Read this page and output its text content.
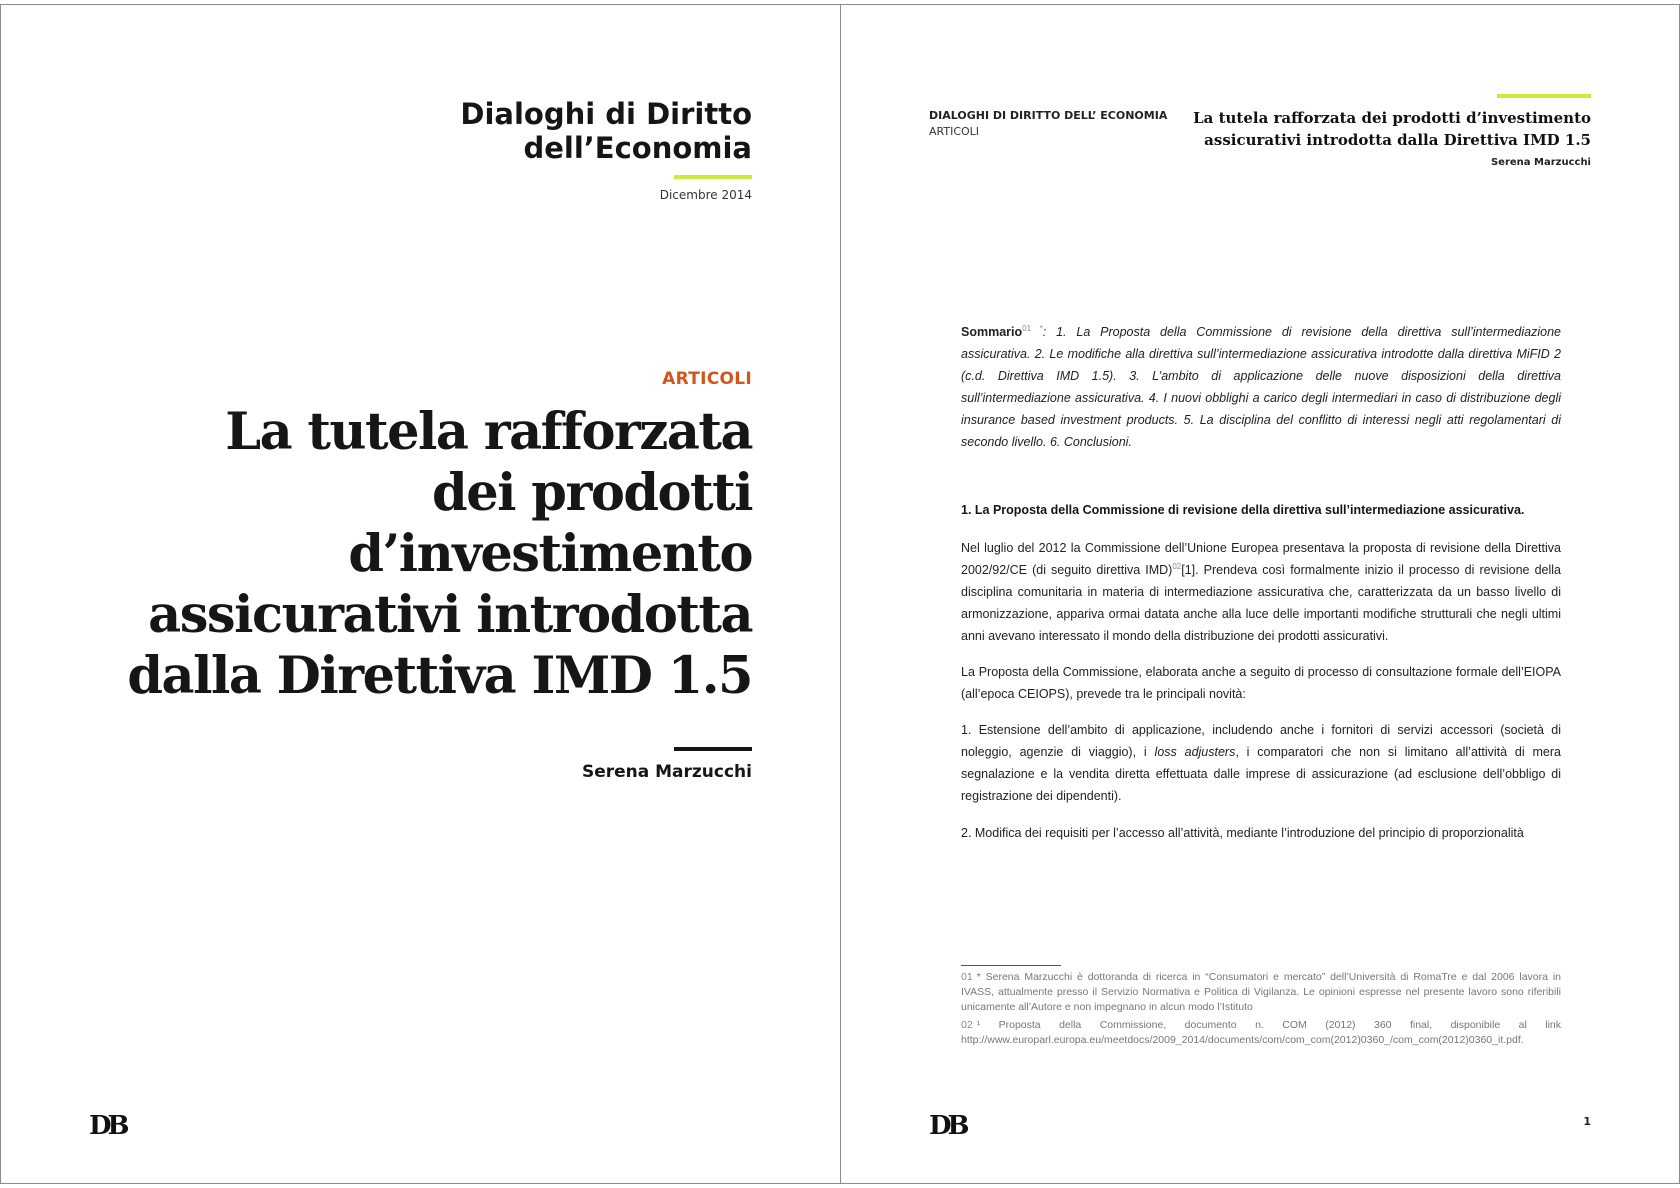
Dialoghi di Diritto
dell’Economia
Dicembre 2014
ARTICOLI
La tutela rafforzata
dei prodotti
d’investimento
assicurativi introdotta
dalla Direttiva IMD 1.5
Serena Marzucchi
DB
DIALOGHI DI DIRITTO DELL’ ECONOMIA
ARTICOLI
La tutela rafforzata dei prodotti d’investimento
assicurativi introdotta dalla Direttiva IMD 1.5
Serena Marzucchi

Sommario$^{01 *}$: 1. La Proposta della Commissione di revisione della direttiva sull’intermediazione assicurativa. 2. Le modifiche alla direttiva sull’intermediazione assicurativa introdotte dalla direttiva MiFID 2 (c.d. Direttiva IMD 1.5). 3. L’ambito di applicazione delle nuove disposizioni della direttiva sull’intermediazione assicurativa. 4. I nuovi obblighi a carico degli intermediari in caso di distribuzione degli insurance based investment products. 5. La disciplina del conflitto di interessi negli atti regolamentari di secondo livello. 6. Conclusioni.

1. La Proposta della Commissione di revisione della direttiva sull’intermediazione assicurativa.

Nel luglio del 2012 la Commissione dell’Unione Europea presentava la proposta di revisione della Direttiva 2002/92/CE (di seguito direttiva IMD)$^{02}$[1]. Prendeva così formalmente inizio il processo di revisione della disciplina comunitaria in materia di intermediazione assicurativa che, caratterizzata da un basso livello di armonizzazione, appariva ormai datata anche alla luce delle importanti modifiche strutturali che negli ultimi anni avevano interessato il mondo della distribuzione dei prodotti assicurativi.

La Proposta della Commissione, elaborata anche a seguito di processo di consultazione formale dell’EIOPA (all’epoca CEIOPS), prevede tra le principali novità:

1. Estensione dell’ambito di applicazione, includendo anche i fornitori di servizi accessori (società di noleggio, agenzie di viaggio), i loss adjusters, i comparatori che non si limitano all’attività di mera segnalazione e la vendita diretta effettuata dalle imprese di assicurazione (ad esclusione dell’obbligo di registrazione dei dipendenti).

2. Modifica dei requisiti per l’accesso all’attività, mediante l’introduzione del principio di proporzionalità

01 * Serena Marzucchi è dottoranda di ricerca in “Consumatori e mercato” dell’Università di RomaTre e dal 2006 lavora in IVASS, attualmente presso il Servizio Normativa e Politica di Vigilanza. Le opinioni espresse nel presente lavoro sono riferibili unicamente all’Autore e non impegnano in alcun modo l’Istituto

02 ¹ Proposta della Commissione, documento n. COM (2012) 360 final, disponibile al link http://www.europarl.europa.eu/meetdocs/2009_2014/documents/com/com_com(2012)0360_/com_com(2012)0360_it.pdf.

DB	1
